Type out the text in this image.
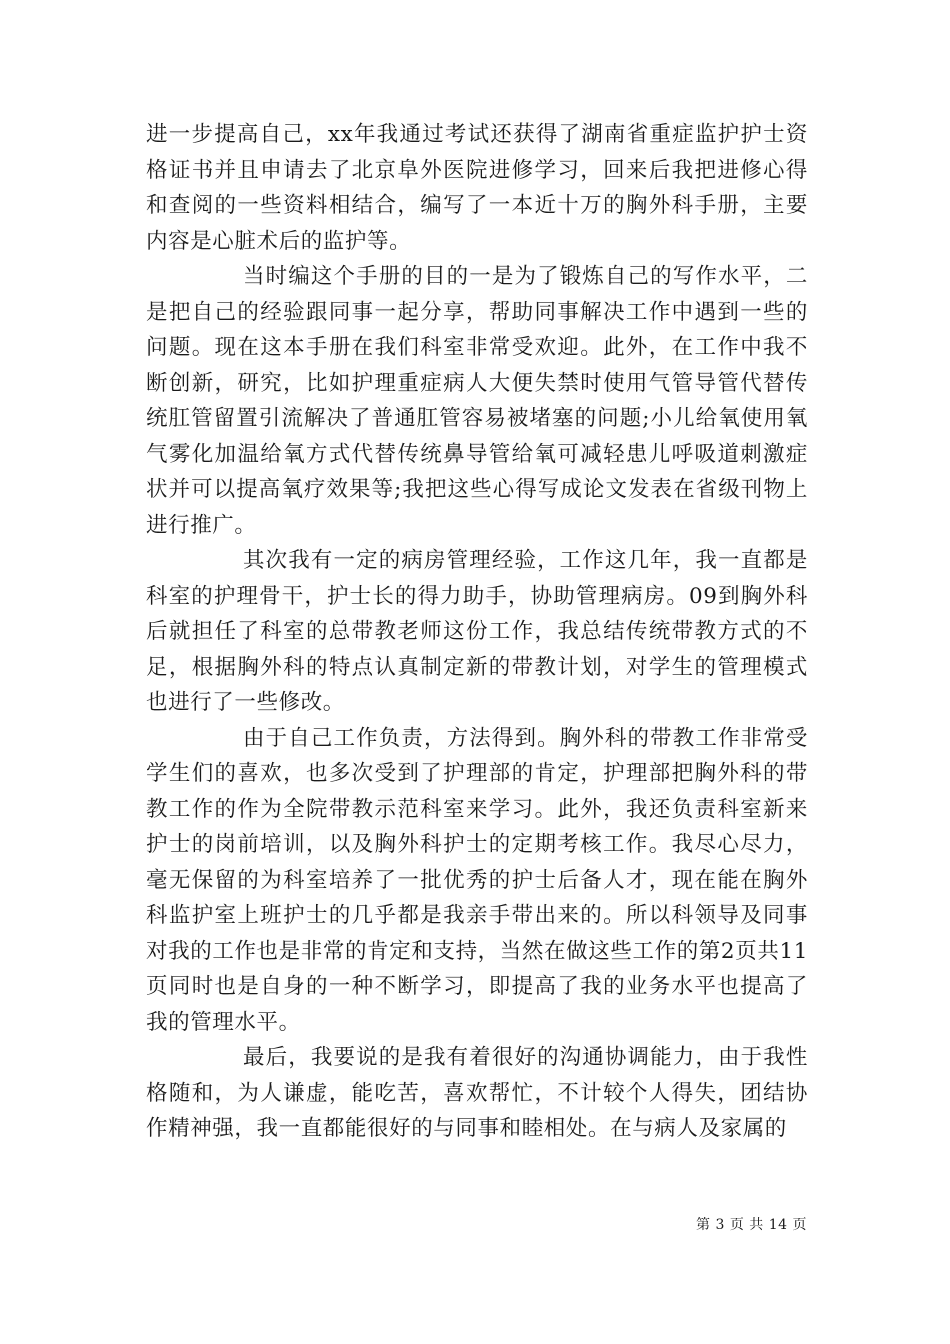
进一步提高自己，xx年我通过考试还获得了湖南省重症监护护士资格证书并且申请去了北京阜外医院进修学习，回来后我把进修心得和查阅的一些资料相结合，编写了一本近十万的胸外科手册，主要内容是心脏术后的监护等。

当时编这个手册的目的一是为了锻炼自己的写作水平，二是把自己的经验跟同事一起分享，帮助同事解决工作中遇到一些的问题。现在这本手册在我们科室非常受欢迎。此外，在工作中我不断创新，研究，比如护理重症病人大便失禁时使用气管导管代替传统肛管留置引流解决了普通肛管容易被堵塞的问题;小儿给氧使用氧气雾化加温给氧方式代替传统鼻导管给氧可减轻患儿呼吸道刺激症状并可以提高氧疗效果等;我把这些心得写成论文发表在省级刊物上进行推广。

其次我有一定的病房管理经验，工作这几年，我一直都是科室的护理骨干，护士长的得力助手，协助管理病房。09到胸外科后就担任了科室的总带教老师这份工作，我总结传统带教方式的不足，根据胸外科的特点认真制定新的带教计划，对学生的管理模式也进行了一些修改。

由于自己工作负责，方法得到。胸外科的带教工作非常受学生们的喜欢，也多次受到了护理部的肯定，护理部把胸外科的带教工作的作为全院带教示范科室来学习。此外，我还负责科室新来护士的岗前培训，以及胸外科护士的定期考核工作。我尽心尽力，毫无保留的为科室培养了一批优秀的护士后备人才，现在能在胸外科监护室上班护士的几乎都是我亲手带出来的。所以科领导及同事对我的工作也是非常的肯定和支持，当然在做这些工作的第2页共11页同时也是自身的一种不断学习，即提高了我的业务水平也提高了我的管理水平。

最后，我要说的是我有着很好的沟通协调能力，由于我性格随和，为人谦虚，能吃苦，喜欢帮忙，不计较个人得失，团结协作精神强，我一直都能很好的与同事和睦相处。在与病人及家属的

第 3 页 共 14 页
